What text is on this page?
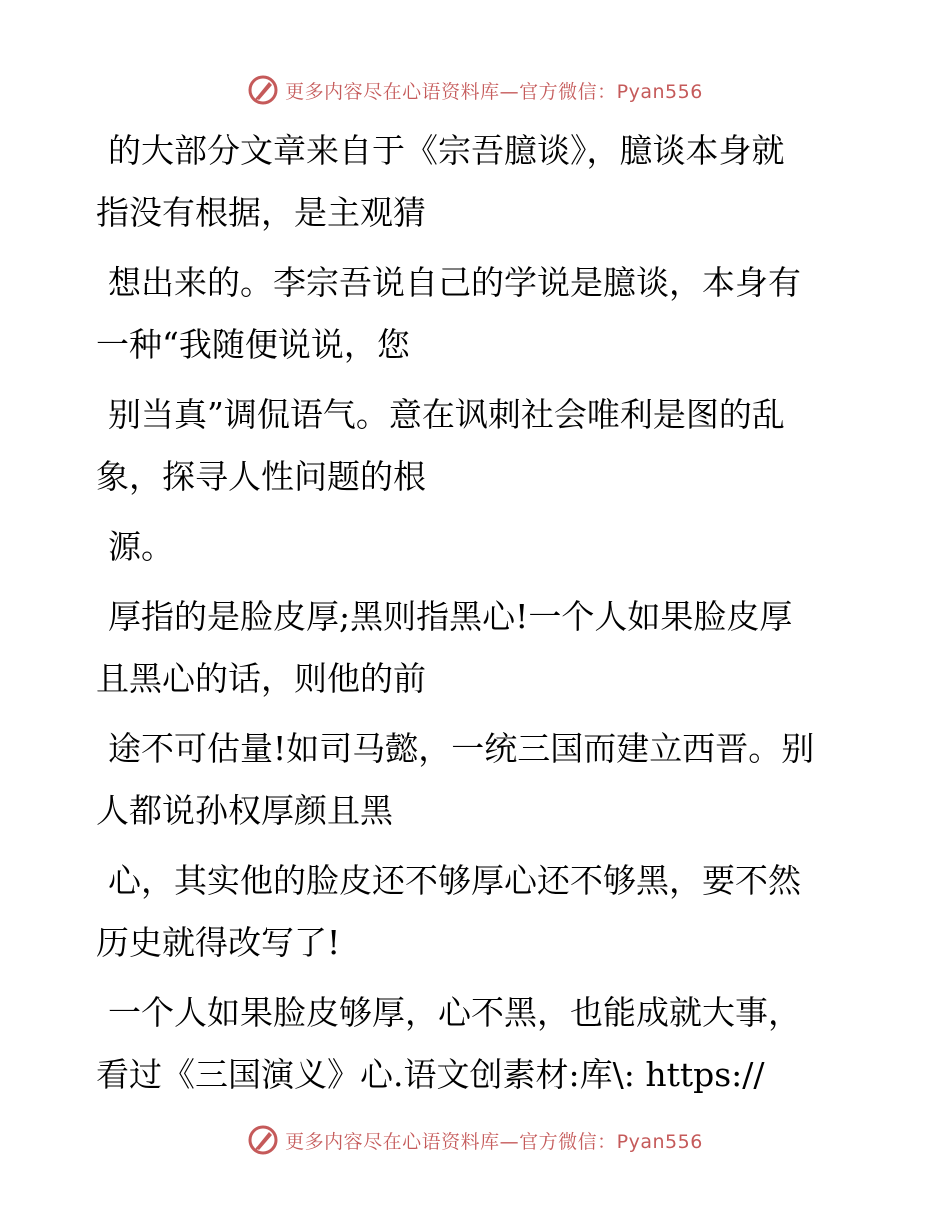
更多内容尽在心语资料库—官方微信：Pyan556

的大部分文章来自于《宗吾臆谈》，臆谈本身就
指没有根据，是主观猜

想出来的。李宗吾说自己的学说是臆谈，本身有
一种“我随便说说，您

别当真”调侃语气。意在讽刺社会唯利是图的乱
象，探寻人性问题的根

源。

厚指的是脸皮厚;黑则指黑心!一个人如果脸皮厚
且黑心的话，则他的前

途不可估量!如司马懿，一统三国而建立西晋。别
人都说孙权厚颜且黑

心，其实他的脸皮还不够厚心还不够黑，要不然
历史就得改写了!

一个人如果脸皮够厚，心不黑，也能成就大事，
看过《三国演义》心.语文创素材:库\: https://

更多内容尽在心语资料库—官方微信：Pyan556
